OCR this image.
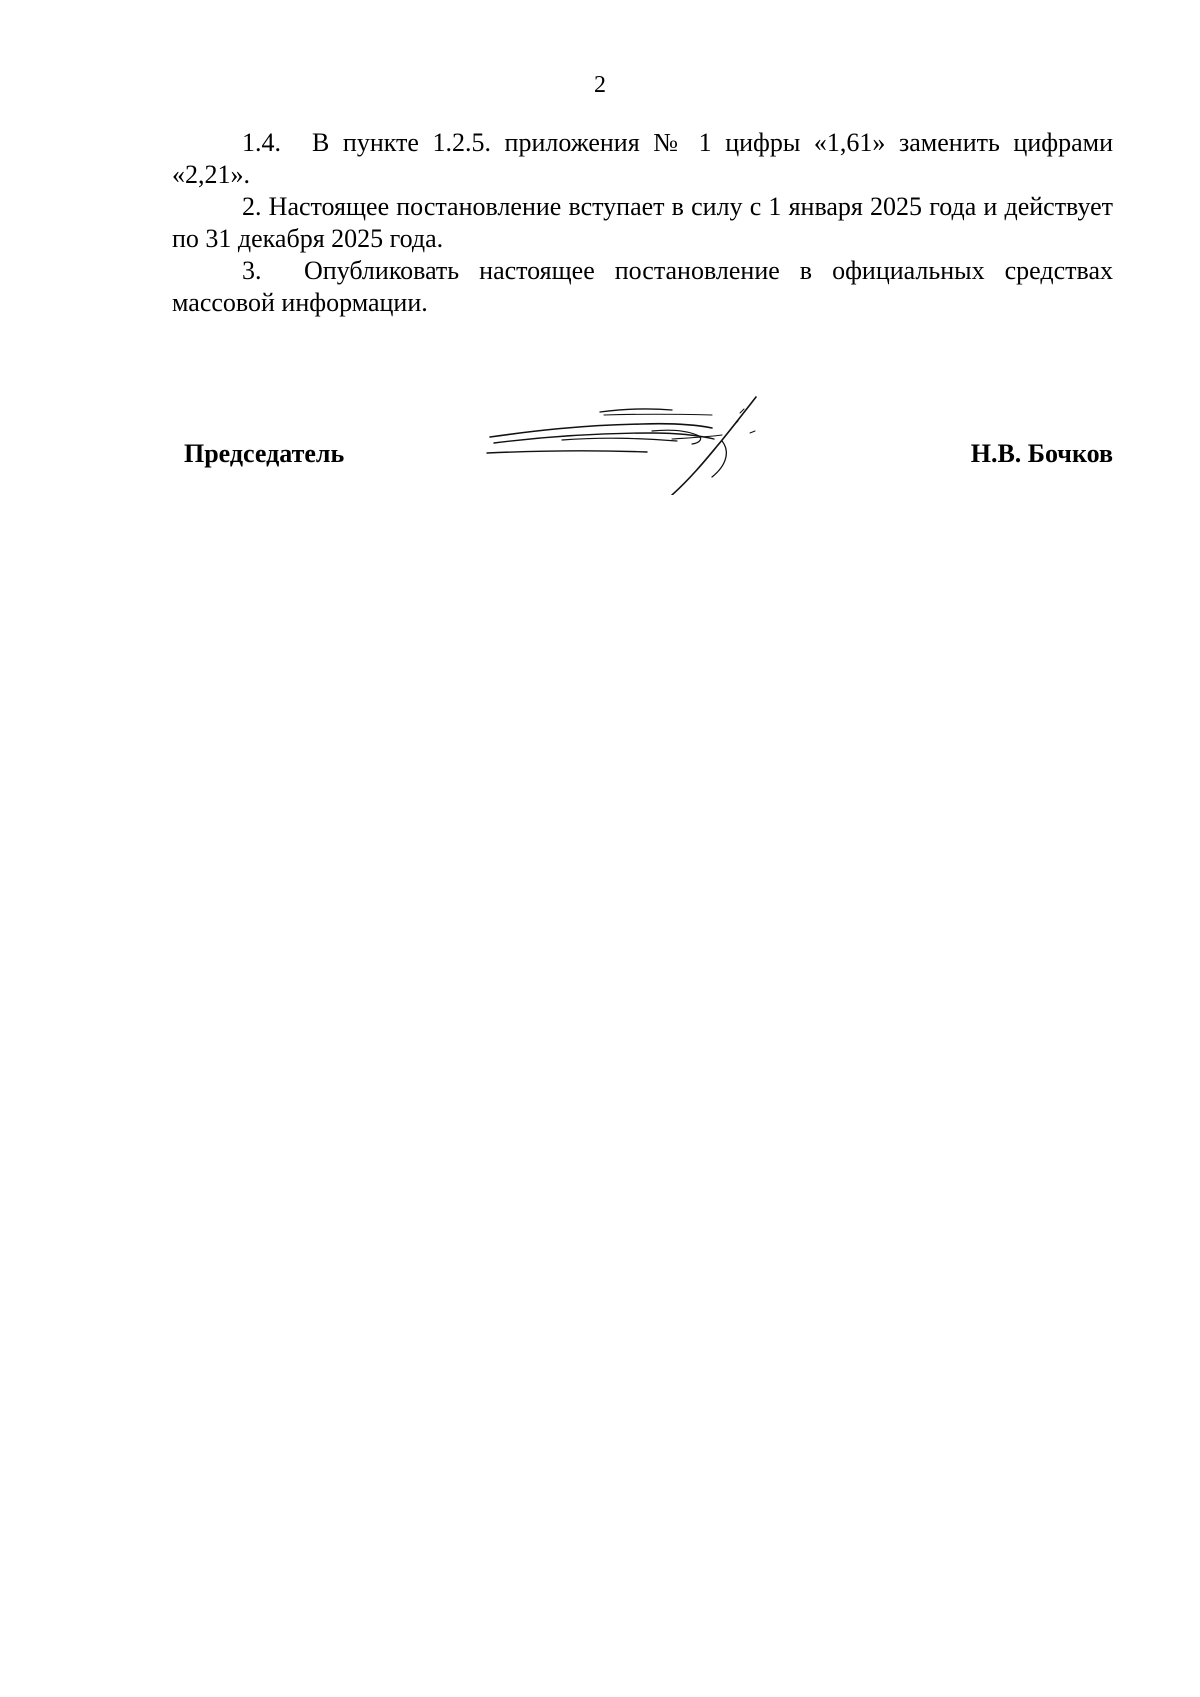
2

1.4. В пункте 1.2.5. приложения № 1 цифры «1,61» заменить цифрами «2,21».

2. Настоящее постановление вступает в силу с 1 января 2025 года и действует по 31 декабря 2025 года.

3. Опубликовать настоящее постановление в официальных средствах массовой информации.

Председатель	Н.В. Бочков
